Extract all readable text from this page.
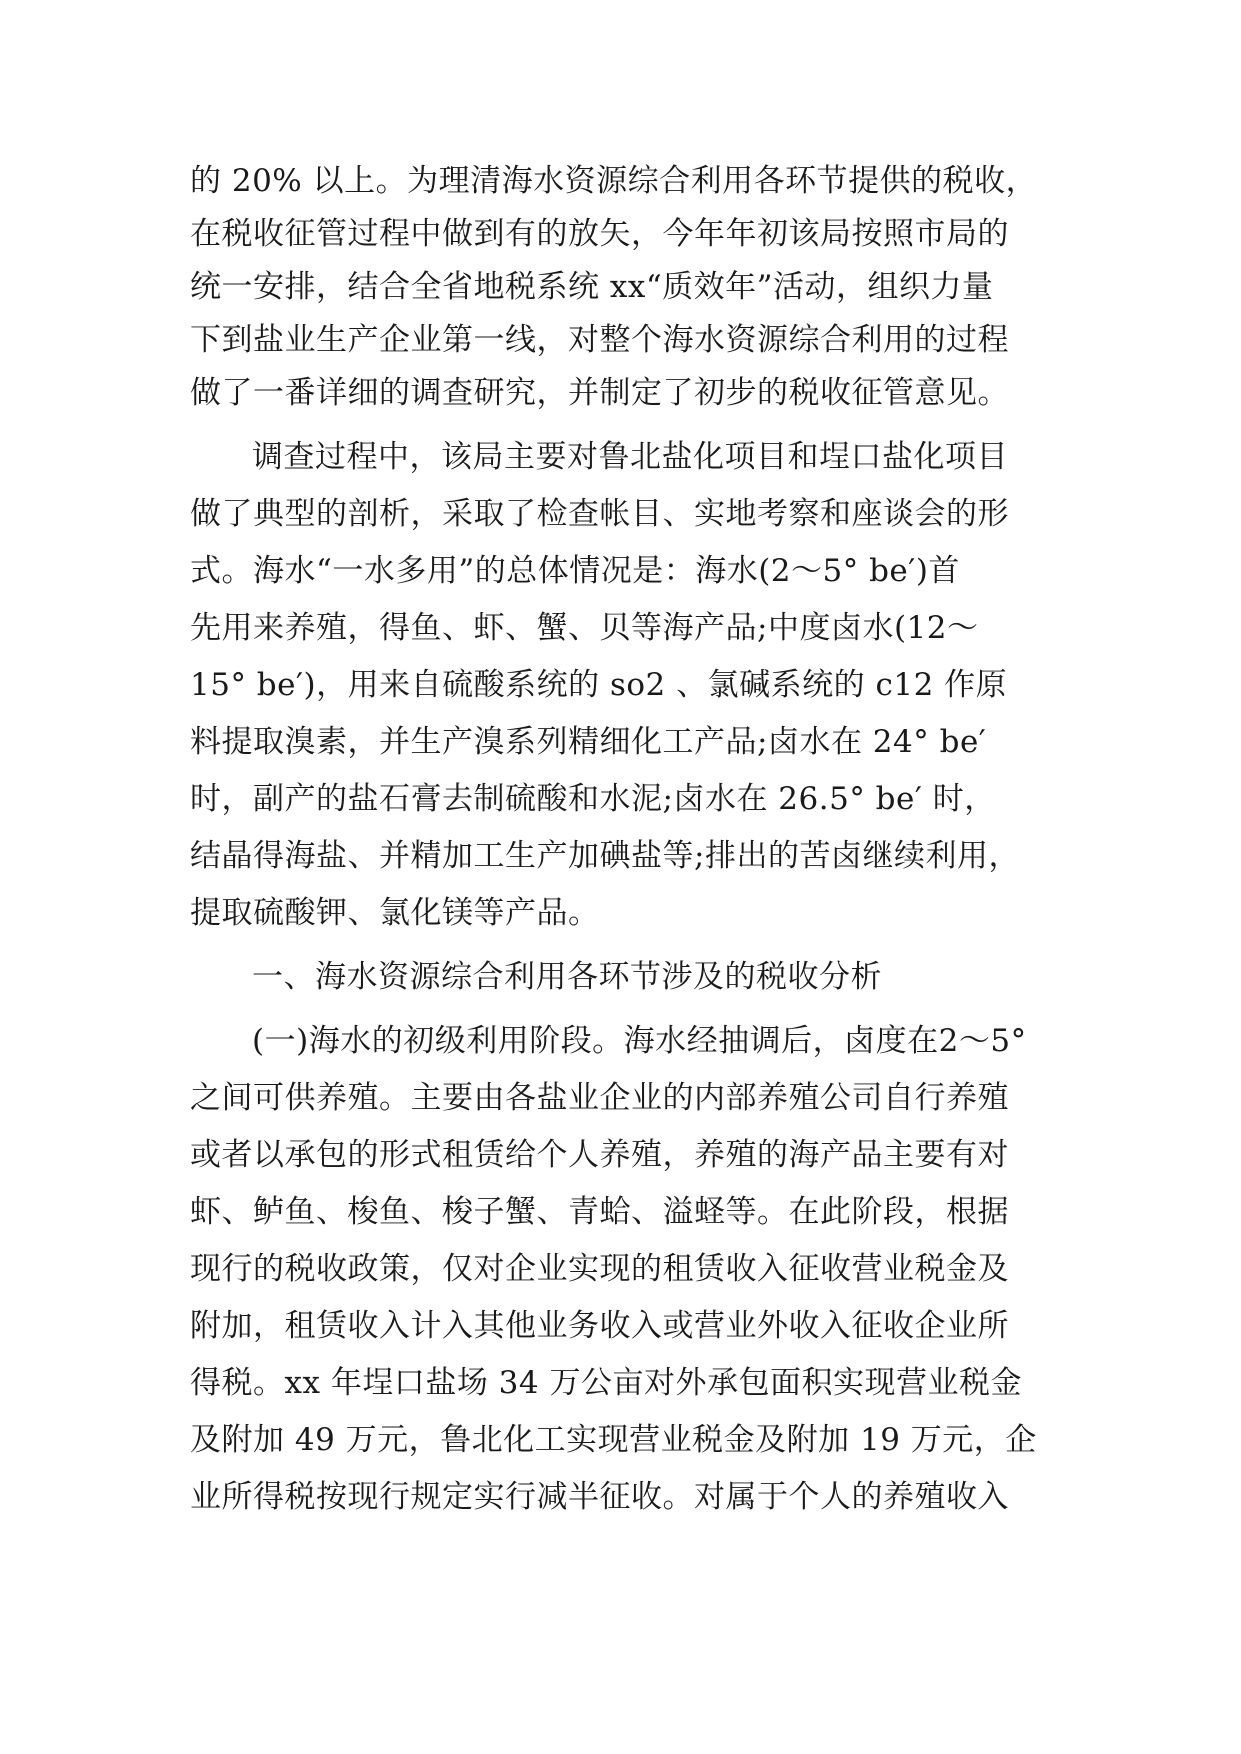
的 20% 以上。为理清海水资源综合利用各环节提供的税收，
在税收征管过程中做到有的放矢，今年年初该局按照市局的
统一安排，结合全省地税系统 xx“质效年”活动，组织力量
下到盐业生产企业第一线，对整个海水资源综合利用的过程
做了一番详细的调查研究，并制定了初步的税收征管意见。
调查过程中，该局主要对鲁北盐化项目和埕口盐化项目
做了典型的剖析，采取了检查帐目、实地考察和座谈会的形
式。海水“一水多用”的总体情况是：海水(2～5° be′)首
先用来养殖，得鱼、虾、蟹、贝等海产品;中度卤水(12～
15° be′)，用来自硫酸系统的 so2 、氯碱系统的 c12 作原
料提取溴素，并生产溴系列精细化工产品;卤水在 24° be′
时，副产的盐石膏去制硫酸和水泥;卤水在 26.5° be′ 时，
结晶得海盐、并精加工生产加碘盐等;排出的苦卤继续利用，
提取硫酸钾、氯化镁等产品。
一、海水资源综合利用各环节涉及的税收分析
(一)海水的初级利用阶段。海水经抽调后，卤度在2～5°
之间可供养殖。主要由各盐业企业的内部养殖公司自行养殖
或者以承包的形式租赁给个人养殖，养殖的海产品主要有对
虾、鲈鱼、梭鱼、梭子蟹、青蛤、溢蛏等。在此阶段，根据
现行的税收政策，仅对企业实现的租赁收入征收营业税金及
附加，租赁收入计入其他业务收入或营业外收入征收企业所
得税。xx 年埕口盐场 34 万公亩对外承包面积实现营业税金
及附加 49 万元，鲁北化工实现营业税金及附加 19 万元，企
业所得税按现行规定实行减半征收。对属于个人的养殖收入
